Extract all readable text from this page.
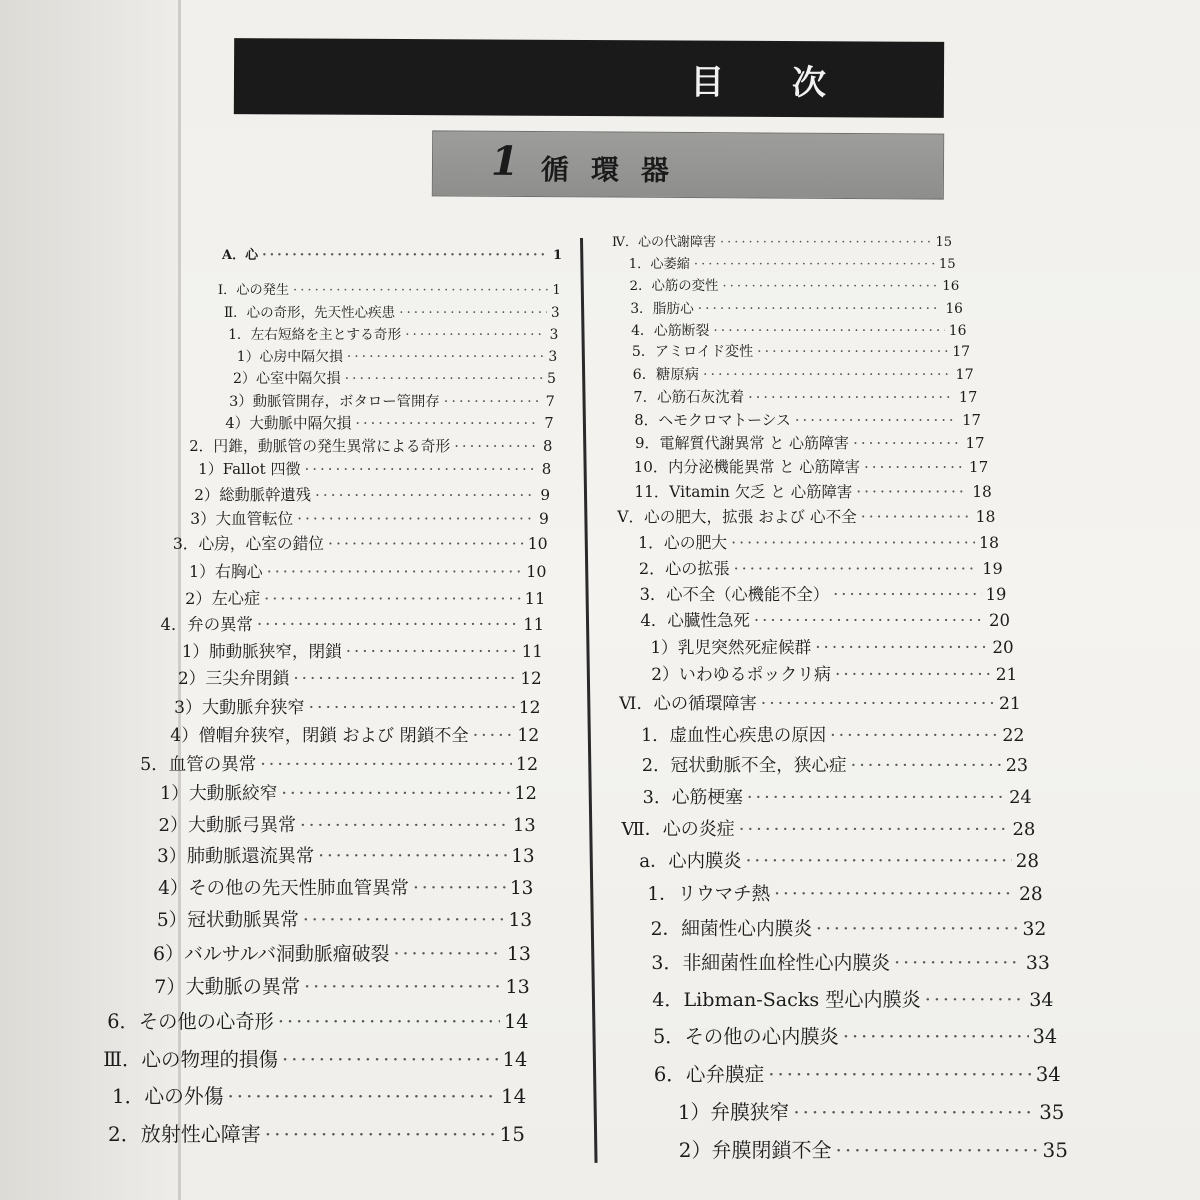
目 次
1 循環器
A．心 ·····	1
Ⅰ．心の発生 ·····	1
Ⅱ．心の奇形，先天性心疾患 ·····	3
1．左右短絡を主とする奇形 ·····	3
1）心房中隔欠損 ·····	3
2）心室中隔欠損 ·····	5
3）動脈管開存，ボタロー管開存 ·····	7
4）大動脈中隔欠損 ·····	7
2．円錐，動脈管の発生異常による奇形 ·····	8
1）Fallot 四徴 ·····	8
2）総動脈幹遺残 ·····	9
3）大血管転位 ·····	9
3．心房，心室の錯位 ·····	10
1）右胸心 ·····	10
2）左心症 ·····	11
4．弁の異常 ·····	11
1）肺動脈狭窄，閉鎖 ·····	11
2）三尖弁閉鎖 ·····	12
3）大動脈弁狭窄 ·····	12
4）僧帽弁狭窄，閉鎖 および 閉鎖不全 ·····	12
5．血管の異常 ·····	12
1）大動脈絞窄 ·····	12
2）大動脈弓異常 ·····	13
3）肺動脈還流異常 ·····	13
4）その他の先天性肺血管異常 ·····	13
5）冠状動脈異常 ·····	13
6）バルサルバ洞動脈瘤破裂 ·····	13
7）大動脈の異常 ·····	13
6．その他の心奇形 ·····	14
Ⅲ．心の物理的損傷 ·····	14
1．心の外傷 ·····	14
2．放射性心障害 ·····	15
Ⅳ．心の代謝障害 ·····	15
1．心萎縮 ·····	15
2．心筋の変性 ·····	16
3．脂肪心 ·····	16
4．心筋断裂 ·····	16
5．アミロイド変性 ·····	17
6．糖原病 ·····	17
7．心筋石灰沈着 ·····	17
8．ヘモクロマトーシス ·····	17
9．電解質代謝異常 と 心筋障害 ·····	17
10．内分泌機能異常 と 心筋障害 ·····	17
11．Vitamin 欠乏 と 心筋障害 ·····	18
Ⅴ．心の肥大，拡張 および 心不全 ·····	18
1．心の肥大 ·····	18
2．心の拡張 ·····	19
3．心不全（心機能不全） ·····	19
4．心臓性急死 ·····	20
1）乳児突然死症候群 ·····	20
2）いわゆるポックリ病 ·····	21
Ⅵ．心の循環障害 ·····	21
1．虚血性心疾患の原因 ·····	22
2．冠状動脈不全，狭心症 ·····	23
3．心筋梗塞 ·····	24
Ⅶ．心の炎症 ·····	28
a．心内膜炎 ·····	28
1．リウマチ熱 ·····	28
2．細菌性心内膜炎 ·····	32
3．非細菌性血栓性心内膜炎 ·····	33
4．Libman-Sacks 型心内膜炎 ·····	34
5．その他の心内膜炎 ·····	34
6．心弁膜症 ·····	34
1）弁膜狭窄 ·····	35
2）弁膜閉鎖不全 ·····	35
